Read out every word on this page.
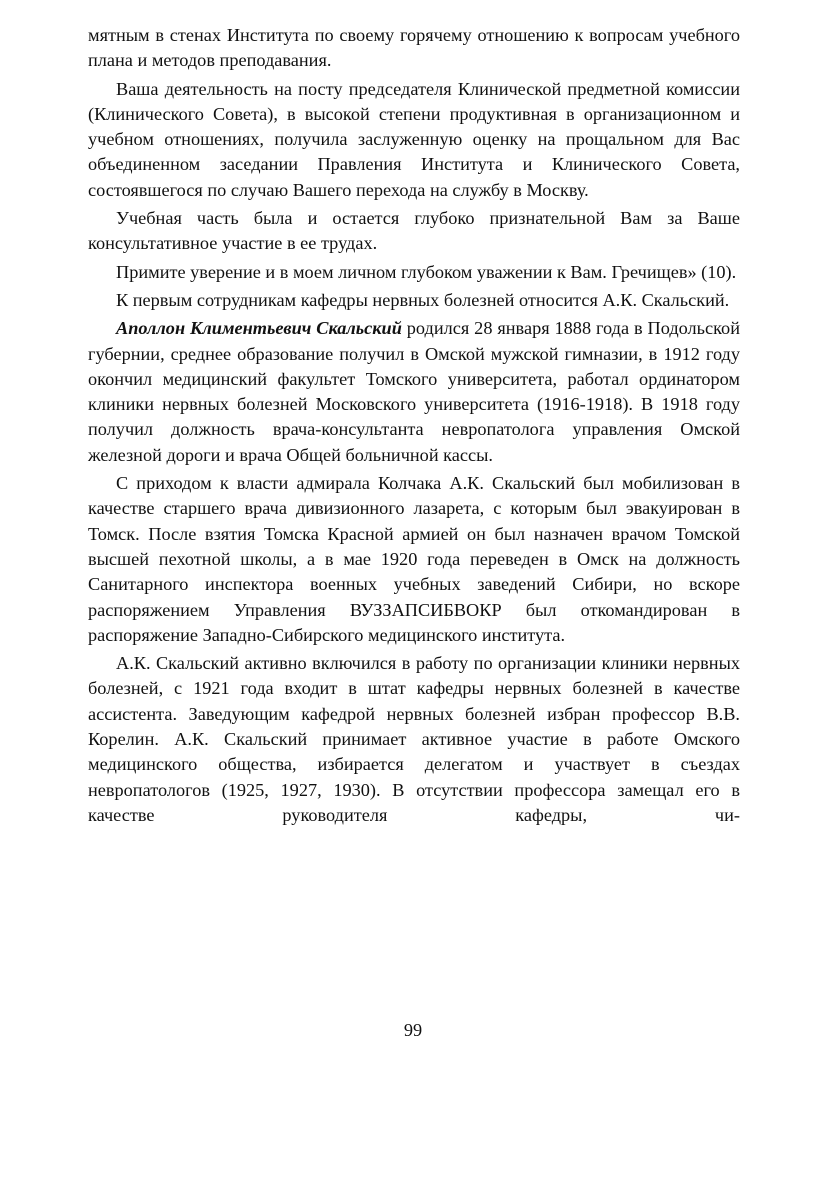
мятным в стенах Института по своему горячему отношению к вопросам учебного плана и методов преподавания.

Ваша деятельность на посту председателя Клинической предметной комиссии (Клинического Совета), в высокой степени продуктивная в организационном и учебном отношениях, получила заслуженную оценку на прощальном для Вас объединенном заседании Правления Института и Клинического Совета, состоявшегося по случаю Вашего перехода на службу в Москву.

Учебная часть была и остается глубоко признательной Вам за Ваше консультативное участие в ее трудах.

Примите уверение и в моем личном глубоком уважении к Вам. Гречищев» (10).

К первым сотрудникам кафедры нервных болезней относится А.К. Скальский.

Аполлон Климентьевич Скальский родился 28 января 1888 года в Подольской губернии, среднее образование получил в Омской мужской гимназии, в 1912 году окончил медицинский факультет Томского университета, работал ординатором клиники нервных болезней Московского университета (1916-1918). В 1918 году получил должность врача-консультанта невропатолога управления Омской железной дороги и врача Общей больничной кассы.

С приходом к власти адмирала Колчака А.К. Скальский был мобилизован в качестве старшего врача дивизионного лазарета, с которым был эвакуирован в Томск. После взятия Томска Красной армией он был назначен врачом Томской высшей пехотной школы, а в мае 1920 года переведен в Омск на должность Санитарного инспектора военных учебных заведений Сибири, но вскоре распоряжением Управления ВУЗЗАПСИБВОКР был откомандирован в распоряжение Западно-Сибирского медицинского института.

А.К. Скальский активно включился в работу по организации клиники нервных болезней, с 1921 года входит в штат кафедры нервных болезней в качестве ассистента. Заведующим кафедрой нервных болезней избран профессор В.В. Корелин. А.К. Скальский принимает активное участие в работе Омского медицинского общества, избирается делегатом и участвует в съездах невропатологов (1925, 1927, 1930). В отсутствии профессора замещал его в качестве руководителя кафедры, чи-

99
